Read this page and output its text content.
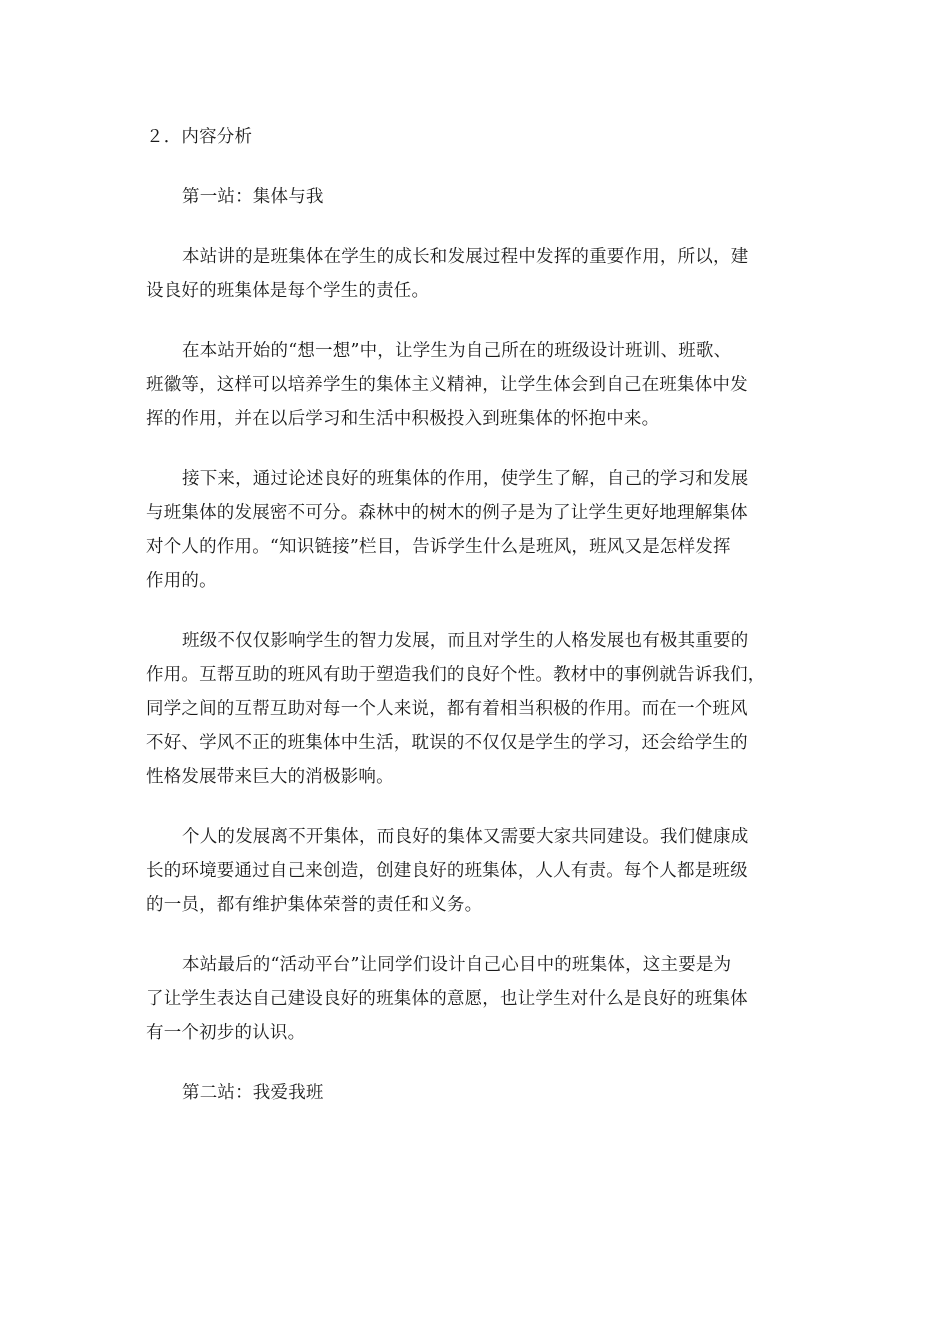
２．内容分析
第一站：集体与我
本站讲的是班集体在学生的成长和发展过程中发挥的重要作用，所以，建
设良好的班集体是每个学生的责任。
在本站开始的“想一想”中，让学生为自己所在的班级设计班训、班歌、
班徽等，这样可以培养学生的集体主义精神，让学生体会到自己在班集体中发
挥的作用，并在以后学习和生活中积极投入到班集体的怀抱中来。
接下来，通过论述良好的班集体的作用，使学生了解，自己的学习和发展
与班集体的发展密不可分。森林中的树木的例子是为了让学生更好地理解集体
对个人的作用。“知识链接”栏目，告诉学生什么是班风，班风又是怎样发挥
作用的。
班级不仅仅影响学生的智力发展，而且对学生的人格发展也有极其重要的
作用。互帮互助的班风有助于塑造我们的良好个性。教材中的事例就告诉我们，
同学之间的互帮互助对每一个人来说，都有着相当积极的作用。而在一个班风
不好、学风不正的班集体中生活，耽误的不仅仅是学生的学习，还会给学生的
性格发展带来巨大的消极影响。
个人的发展离不开集体，而良好的集体又需要大家共同建设。我们健康成
长的环境要通过自己来创造，创建良好的班集体，人人有责。每个人都是班级
的一员，都有维护集体荣誉的责任和义务。
本站最后的“活动平台”让同学们设计自己心目中的班集体，这主要是为
了让学生表达自己建设良好的班集体的意愿，也让学生对什么是良好的班集体
有一个初步的认识。
第二站：我爱我班
